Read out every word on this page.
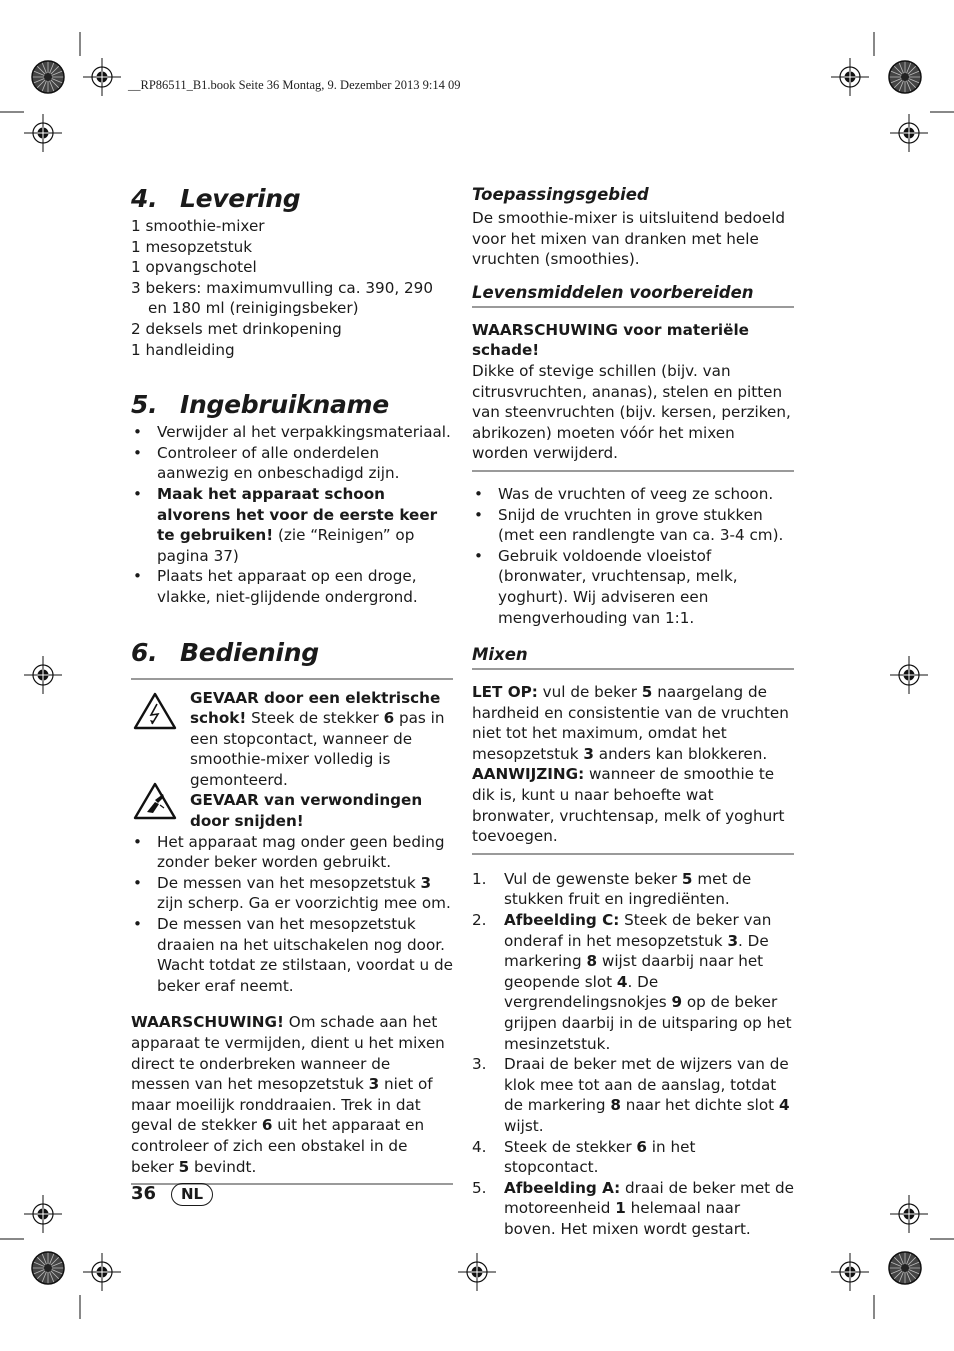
__RP86511_B1.book Seite 36 Montag, 9. Dezember 2013 9:14 09
4. Levering
1 smoothie-mixer
1 mesopzetstuk
1 opvangschotel
3 bekers: maximumvulling ca. 390, 290 en 180 ml (reinigingsbeker)
2 deksels met drinkopening
1 handleiding
5. Ingebruikname
• Verwijder al het verpakkingsmateriaal.
• Controleer of alle onderdelen aanwezig en onbeschadigd zijn.
• Maak het apparaat schoon alvorens het voor de eerste keer te gebruiken! (zie “Reinigen” op pagina 37)
• Plaats het apparaat op een droge, vlakke, niet-glijdende ondergrond.
6. Bediening

GEVAAR door een elektrische schok! Steek de stekker 6 pas in een stopcontact, wanneer de smoothie-mixer volledig is gemonteerd.

GEVAAR van verwondingen door snijden!

• Het apparaat mag onder geen beding zonder beker worden gebruikt.
• De messen van het mesopzetstuk 3 zijn scherp. Ga er voorzichtig mee om.
• De messen van het mesopzetstuk draaien na het uitschakelen nog door. Wacht totdat ze stilstaan, voordat u de beker eraf neemt.

WAARSCHUWING! Om schade aan het apparaat te vermijden, dient u het mixen direct te onderbreken wanneer de messen van het mesopzetstuk 3 niet of maar moeilijk ronddraaien. Trek in dat geval de stekker 6 uit het apparaat en controleer of zich een obstakel in de beker 5 bevindt.

Toepassingsgebied

De smoothie-mixer is uitsluitend bedoeld voor het mixen van dranken met hele vruchten (smoothies).

Levensmiddelen voorbereiden

WAARSCHUWING voor materiële schade!

Dikke of stevige schillen (bijv. van citrusvruchten, ananas), stelen en pitten van steenvruchten (bijv. kersen, perziken, abrikozen) moeten vóór het mixen worden verwijderd.

• Was de vruchten of veeg ze schoon.
• Snijd de vruchten in grove stukken (met een randlengte van ca. 3-4 cm).
• Gebruik voldoende vloeistof (bronwater, vruchtensap, melk, yoghurt). Wij adviseren een mengverhouding van 1:1.
Mixen

LET OP: vul de beker 5 naargelang de hardheid en consistentie van de vruchten niet tot het maximum, omdat het mesopzetstuk 3 anders kan blokkeren.

AANWIJZING: wanneer de smoothie te dik is, kunt u naar behoefte wat bronwater, vruchtensap, melk of yoghurt toevoegen.

1. Vul de gewenste beker 5 met de stukken fruit en ingrediënten.
2. Afbeelding C: Steek de beker van onderaf in het mesopzetstuk 3. De markering 8 wijst daarbij naar het geopende slot 4. De vergrendelingsnokjes 9 op de beker grijpen daarbij in de uitsparing op het mesinzetstuk.
3. Draai de beker met de wijzers van de klok mee tot aan de aanslag, totdat de markering 8 naar het dichte slot 4 wijst.
4. Steek de stekker 6 in het stopcontact.
5. Afbeelding A: draai de beker met de motoreenheid 1 helemaal naar boven. Het mixen wordt gestart.
36	NL
